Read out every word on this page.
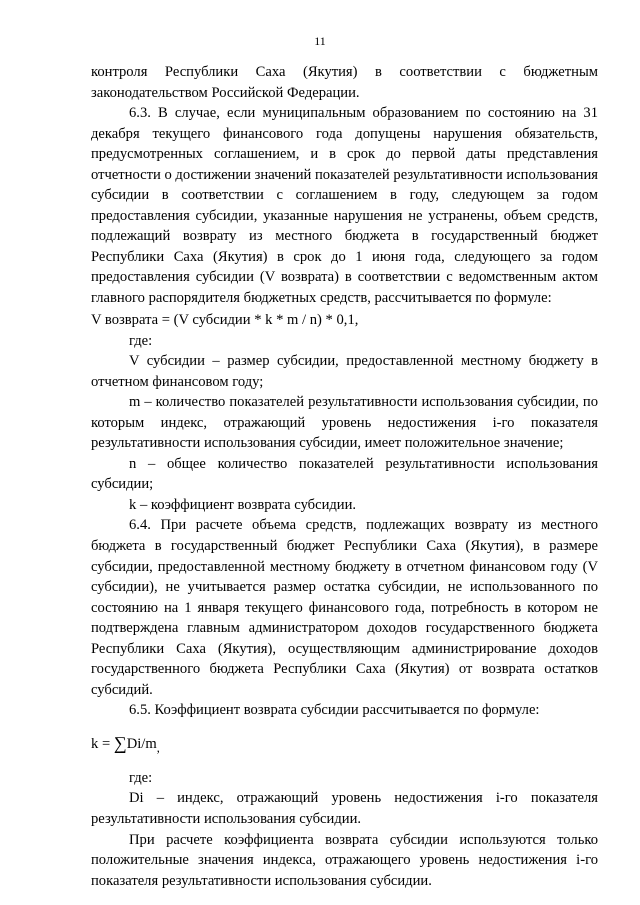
11

контроля Республики Саха (Якутия) в соответствии с бюджетным законодательством Российской Федерации.

6.3. В случае, если муниципальным образованием по состоянию на 31 декабря текущего финансового года допущены нарушения обязательств, предусмотренных соглашением, и в срок до первой даты представления отчетности о достижении значений показателей результативности использования субсидии в соответствии с соглашением в году, следующем за годом предоставления субсидии, указанные нарушения не устранены, объем средств, подлежащий возврату из местного бюджета в государственный бюджет Республики Саха (Якутия) в срок до 1 июня года, следующего за годом предоставления субсидии (V возврата) в соответствии с ведомственным актом главного распорядителя бюджетных средств, рассчитывается по формуле:

V возврата = (V субсидии * k * m / n) * 0,1,

где:

V субсидии – размер субсидии, предоставленной местному бюджету в отчетном финансовом году;

m – количество показателей результативности использования субсидии, по которым индекс, отражающий уровень недостижения i-го показателя результативности использования субсидии, имеет положительное значение;

n – общее количество показателей результативности использования субсидии;

k – коэффициент возврата субсидии.

6.4. При расчете объема средств, подлежащих возврату из местного бюджета в государственный бюджет Республики Саха (Якутия), в размере субсидии, предоставленной местному бюджету в отчетном финансовом году (V субсидии), не учитывается размер остатка субсидии, не использованного по состоянию на 1 января текущего финансового года, потребность в котором не подтверждена главным администратором доходов государственного бюджета Республики Саха (Якутия), осуществляющим администрирование доходов государственного бюджета Республики Саха (Якутия) от возврата остатков субсидий.

6.5. Коэффициент возврата субсидии рассчитывается по формуле:

$k = \sum Di/m_,$

где:

Di – индекс, отражающий уровень недостижения i-го показателя результативности использования субсидии.

При расчете коэффициента возврата субсидии используются только положительные значения индекса, отражающего уровень недостижения i-го показателя результативности использования субсидии.
